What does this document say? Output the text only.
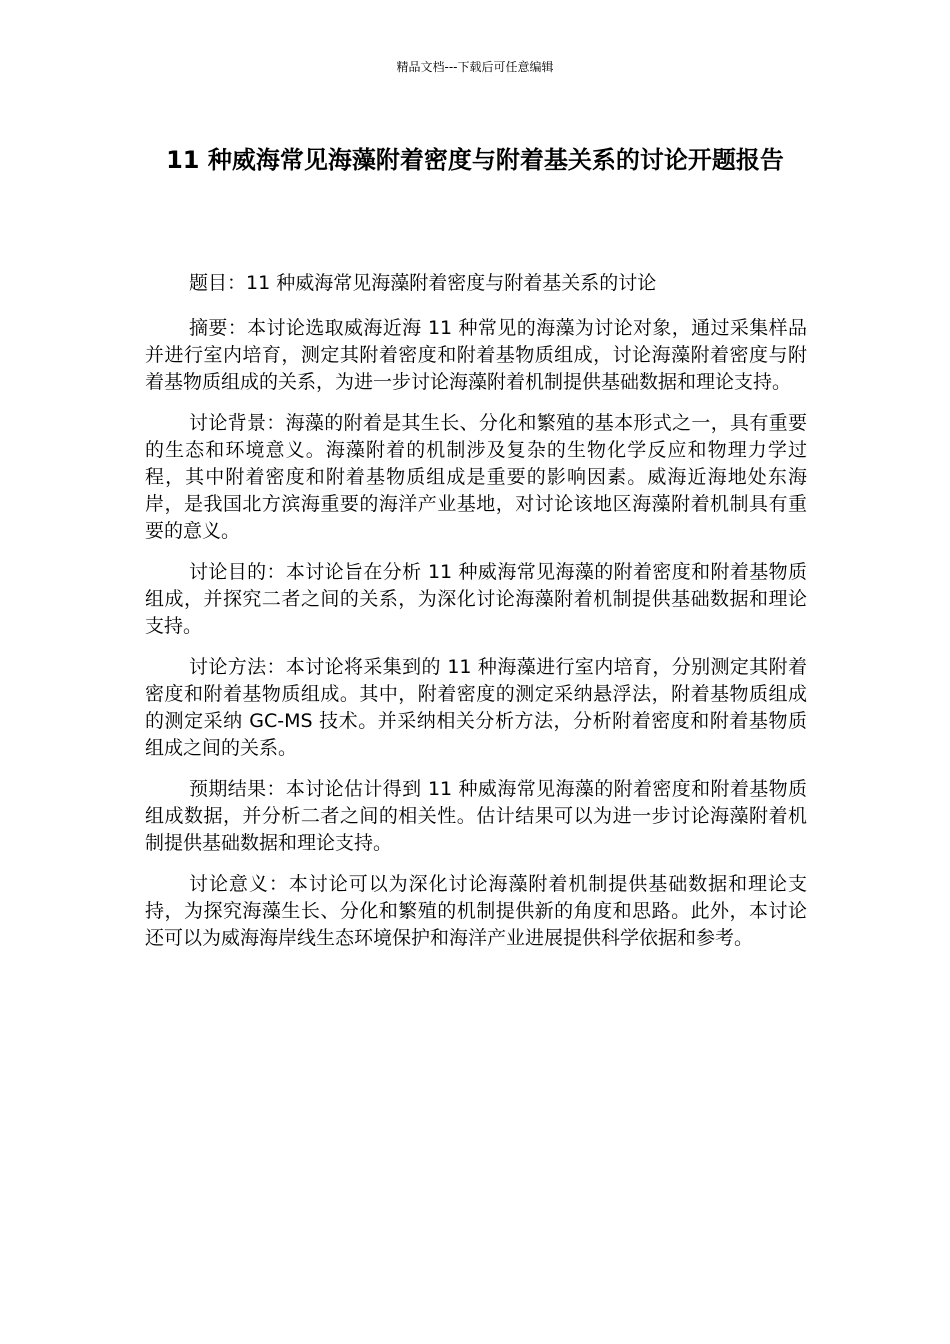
精品文档---下载后可任意编辑
11 种威海常见海藻附着密度与附着基关系的讨论开题报告

题目：11 种威海常见海藻附着密度与附着基关系的讨论

摘要：本讨论选取威海近海 11 种常见的海藻为讨论对象，通过采集样品并进行室内培育，测定其附着密度和附着基物质组成，讨论海藻附着密度与附着基物质组成的关系，为进一步讨论海藻附着机制提供基础数据和理论支持。

讨论背景：海藻的附着是其生长、分化和繁殖的基本形式之一，具有重要的生态和环境意义。海藻附着的机制涉及复杂的生物化学反应和物理力学过程，其中附着密度和附着基物质组成是重要的影响因素。威海近海地处东海岸，是我国北方滨海重要的海洋产业基地，对讨论该地区海藻附着机制具有重要的意义。

讨论目的：本讨论旨在分析 11 种威海常见海藻的附着密度和附着基物质组成，并探究二者之间的关系，为深化讨论海藻附着机制提供基础数据和理论支持。

讨论方法：本讨论将采集到的 11 种海藻进行室内培育，分别测定其附着密度和附着基物质组成。其中，附着密度的测定采纳悬浮法，附着基物质组成的测定采纳 GC-MS 技术。并采纳相关分析方法，分析附着密度和附着基物质组成之间的关系。

预期结果：本讨论估计得到 11 种威海常见海藻的附着密度和附着基物质组成数据，并分析二者之间的相关性。估计结果可以为进一步讨论海藻附着机制提供基础数据和理论支持。

讨论意义：本讨论可以为深化讨论海藻附着机制提供基础数据和理论支持，为探究海藻生长、分化和繁殖的机制提供新的角度和思路。此外，本讨论还可以为威海海岸线生态环境保护和海洋产业进展提供科学依据和参考。
